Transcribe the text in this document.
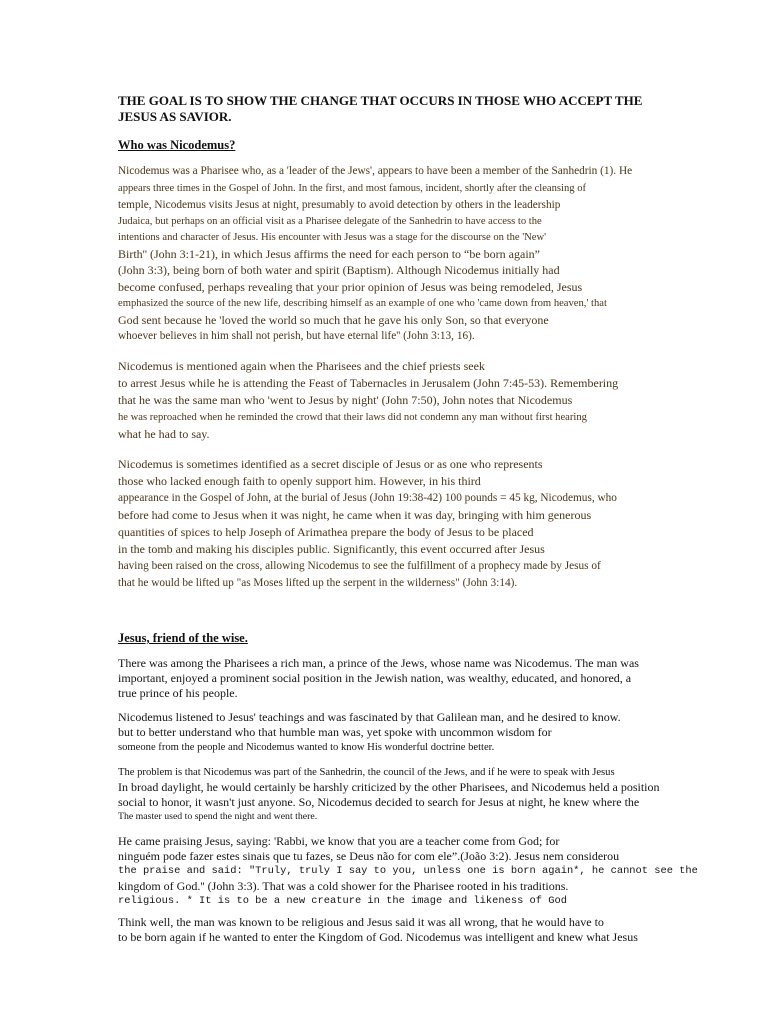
THE GOAL IS TO SHOW THE CHANGE THAT OCCURS IN THOSE WHO ACCEPT THE
JESUS AS SAVIOR.
Who was Nicodemus?
Nicodemus was a Pharisee who, as a 'leader of the Jews', appears to have been a member of the Sanhedrin (1). He
appears three times in the Gospel of John. In the first, and most famous, incident, shortly after the cleansing of
temple, Nicodemus visits Jesus at night, presumably to avoid detection by others in the leadership
Judaica, but perhaps on an official visit as a Pharisee delegate of the Sanhedrin to have access to the
intentions and character of Jesus. His encounter with Jesus was a stage for the discourse on the 'New'
Birth'' (John 3:1-21), in which Jesus affirms the need for each person to “be born again”
(John 3:3), being born of both water and spirit (Baptism). Although Nicodemus initially had
become confused, perhaps revealing that your prior opinion of Jesus was being remodeled, Jesus
emphasized the source of the new life, describing himself as an example of one who 'came down from heaven,' that
God sent because he 'loved the world so much that he gave his only Son, so that everyone
whoever believes in him shall not perish, but have eternal life'' (John 3:13, 16).
Nicodemus is mentioned again when the Pharisees and the chief priests seek
to arrest Jesus while he is attending the Feast of Tabernacles in Jerusalem (John 7:45-53). Remembering
that he was the same man who 'went to Jesus by night' (John 7:50), John notes that Nicodemus
he was reproached when he reminded the crowd that their laws did not condemn any man without first hearing
what he had to say.
Nicodemus is sometimes identified as a secret disciple of Jesus or as one who represents
those who lacked enough faith to openly support him. However, in his third
appearance in the Gospel of John, at the burial of Jesus (John 19:38-42) 100 pounds = 45 kg, Nicodemus, who
before had come to Jesus when it was night, he came when it was day, bringing with him generous
quantities of spices to help Joseph of Arimathea prepare the body of Jesus to be placed
in the tomb and making his disciples public. Significantly, this event occurred after Jesus
having been raised on the cross, allowing Nicodemus to see the fulfillment of a prophecy made by Jesus of
that he would be lifted up "as Moses lifted up the serpent in the wilderness" (John 3:14).
Jesus, friend of the wise.
There was among the Pharisees a rich man, a prince of the Jews, whose name was Nicodemus. The man was
important, enjoyed a prominent social position in the Jewish nation, was wealthy, educated, and honored, a
true prince of his people.
Nicodemus listened to Jesus' teachings and was fascinated by that Galilean man, and he desired to know.
but to better understand who that humble man was, yet spoke with uncommon wisdom for
someone from the people and Nicodemus wanted to know His wonderful doctrine better.
The problem is that Nicodemus was part of the Sanhedrin, the council of the Jews, and if he were to speak with Jesus
In broad daylight, he would certainly be harshly criticized by the other Pharisees, and Nicodemus held a position
social to honor, it wasn't just anyone. So, Nicodemus decided to search for Jesus at night, he knew where the
The master used to spend the night and went there.
He came praising Jesus, saying: 'Rabbi, we know that you are a teacher come from God; for
ninguém pode fazer estes sinais que tu fazes, se Deus não for com ele”.(João 3:2). Jesus nem considerou
the praise and said: "Truly, truly I say to you, unless one is born again*, he cannot see the
kingdom of God.'' (John 3:3). That was a cold shower for the Pharisee rooted in his traditions.
religious. * It is to be a new creature in the image and likeness of God
Think well, the man was known to be religious and Jesus said it was all wrong, that he would have to
to be born again if he wanted to enter the Kingdom of God. Nicodemus was intelligent and knew what Jesus
